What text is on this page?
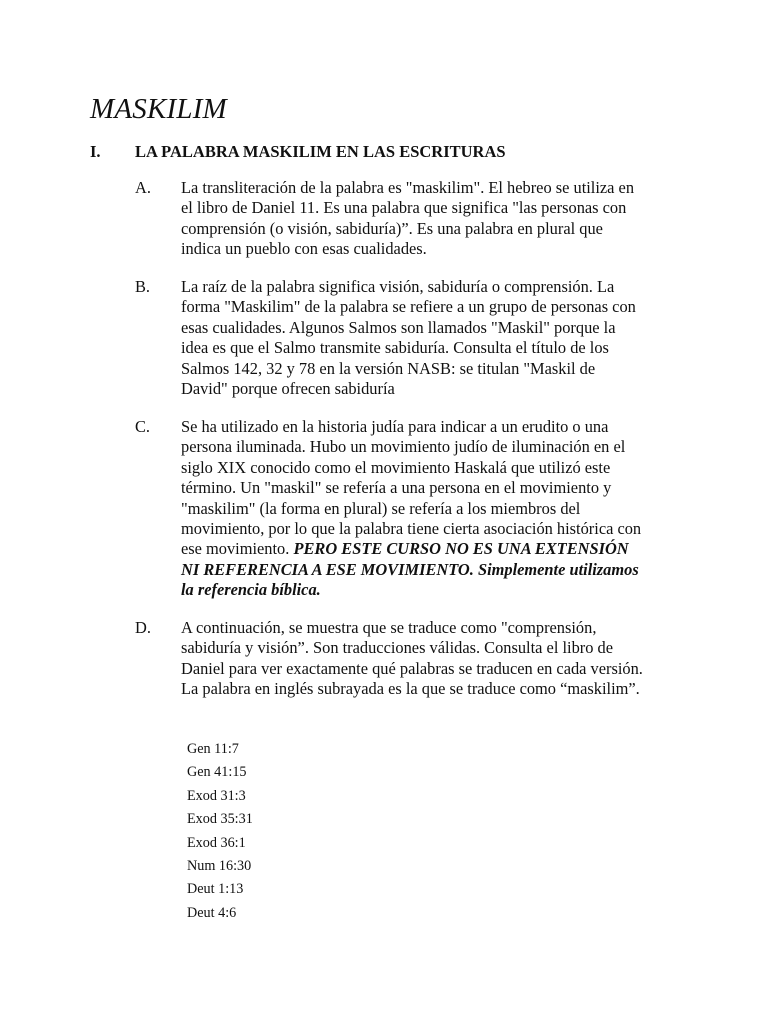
MASKILIM
I. LA PALABRA MASKILIM EN LAS ESCRITURAS
A. La transliteración de la palabra es "maskilim". El hebreo se utiliza en
el libro de Daniel 11. Es una palabra que significa "las personas con
comprensión (o visión, sabiduría)”. Es una palabra en plural que
indica un pueblo con esas cualidades.
B. La raíz de la palabra significa visión, sabiduría o comprensión. La
forma "Maskilim" de la palabra se refiere a un grupo de personas con
esas cualidades. Algunos Salmos son llamados "Maskil" porque la
idea es que el Salmo transmite sabiduría. Consulta el título de los
Salmos 142, 32 y 78 en la versión NASB: se titulan "Maskil de
David" porque ofrecen sabiduría
C. Se ha utilizado en la historia judía para indicar a un erudito o una
persona iluminada. Hubo un movimiento judío de iluminación en el
siglo XIX conocido como el movimiento Haskalá que utilizó este
término. Un "maskil" se refería a una persona en el movimiento y
"maskilim" (la forma en plural) se refería a los miembros del
movimiento, por lo que la palabra tiene cierta asociación histórica con
ese movimiento. PERO ESTE CURSO NO ES UNA EXTENSIÓN
NI REFERENCIA A ESE MOVIMIENTO. Simplemente utilizamos
la referencia bíblica.
D. A continuación, se muestra que se traduce como "comprensión,
sabiduría y visión”. Son traducciones válidas. Consulta el libro de
Daniel para ver exactamente qué palabras se traducen en cada versión.
La palabra en inglés subrayada es la que se traduce como “maskilim”.
Gen 11:7
Gen 41:15
Exod 31:3
Exod 35:31
Exod 36:1
Num 16:30
Deut 1:13
Deut 4:6
